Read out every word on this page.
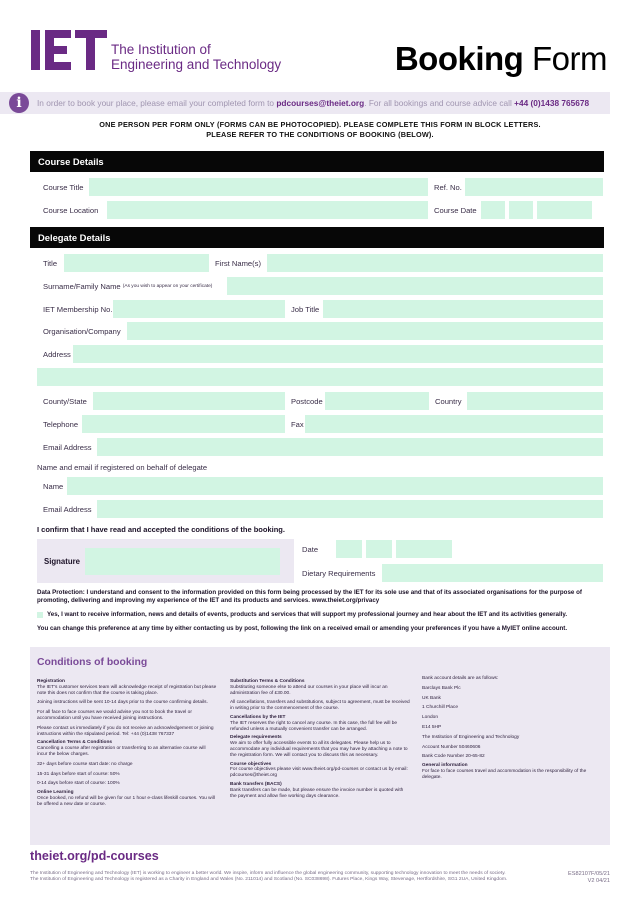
The Institution of
Engineering and Technology	Booking Form
i	In order to book your place, please email your completed form to pdcourses@theiet.org. For all bookings and course advice call +44 (0)1438 765678
ONE PERSON PER FORM ONLY (FORMS CAN BE PHOTOCOPIED). PLEASE COMPLETE THIS FORM IN BLOCK LETTERS.
PLEASE REFER TO THE CONDITIONS OF BOOKING (BELOW).
Course Details
Course Title	Ref. No.
Course Location	Course Date
Delegate Details
Title	First Name(s)
Surname/Family Name
(As you wish to appear on your certificate)
IET Membership No.	Job Title
Organisation/Company
Address
County/State	Postcode	Country
Telephone	Fax
Email Address
Name and email if registered on behalf of delegate
Name
Email Address
I confirm that I have read and accepted the conditions of the booking.
Signature
Date
Dietary Requirements

Data Protection: I understand and consent to the information provided on this form being processed by the IET for its sole use and that of its associated organisations for the purpose of promoting, delivering and improving my experience of the IET and its products and services. www.theiet.org/privacy

Yes, I want to receive information, news and details of events, products and services that will support my professional journey and hear about the IET and its activities generally.

You can change this preference at any time by either contacting us by post, following the link on a received email or amending your preferences if you have a MyIET online account.

Conditions of booking
Registration
The IET's customer services team will acknowledge receipt of registration but please note this does not confirm that the course is taking place.
Joining instructions will be sent 10-14 days prior to the course confirming details.
For all face to face courses we would advise you not to book the travel or accommodation until you have received joining instructions.
Please contact us immediately if you do not receive an acknowledgement or joining instructions within the stipulated period. Tel: +44 (0)1438 767337
Cancellation Terms & Conditions
Cancelling a course after registration or transferring to an alternative course will incur the below charges.
32+ days before course start date: no charge
15-31 days before start of course: 50%
0-14 days before start of course: 100%
Online Learning
Once booked, no refund will be given for our 1 hour e-class lifeskill courses. You will be offered a new date or course.
Substitution Terms & Conditions
Substituting someone else to attend our courses in your place will incur an administration fee of £30.00.
All cancellations, transfers and substitutions, subject to agreement, must be received in writing prior to the commencement of the course.
Cancellations by the IET
The IET reserves the right to cancel any course. In this case, the full fee will be refunded unless a mutually convenient transfer can be arranged.
Delegate requirements
We aim to offer fully accessible events to all its delegates. Please help us to accommodate any individual requirements that you may have by attaching a note to the registration form. We will contact you to discuss this as necessary.
Course objectives
For course objectives please visit www.theiet.org/pd-courses or contact us by email: pdcourses@theiet.org
Bank transfers (BACS)
Bank transfers can be made, but please ensure the invoice number is quoted with the payment and allow five working days clearance.
Bank account details are as follows:
Barclays Bank Plc
UK Bank
1 Churchill Place
London
E14 5HP
The Institution of Engineering and Technology
Account Number 50460606
Bank Code Number 20-65-82
General information
For face to face courses travel and accommodation is the responsibility of the delegate.
theiet.org/pd-courses
The Institution of Engineering and Technology (IET) is working to engineer a better world. We inspire, inform and influence the global engineering community, supporting technology innovation to meet the needs of society. The Institution of Engineering and Technology is registered as a Charity in England and Wales (No. 211014) and Scotland (No. SC038698). Futures Place, Kings Way, Stevenage, Hertfordshire, SG1 2UA, United Kingdom.
ES82107F/05/21
V2 04/21
